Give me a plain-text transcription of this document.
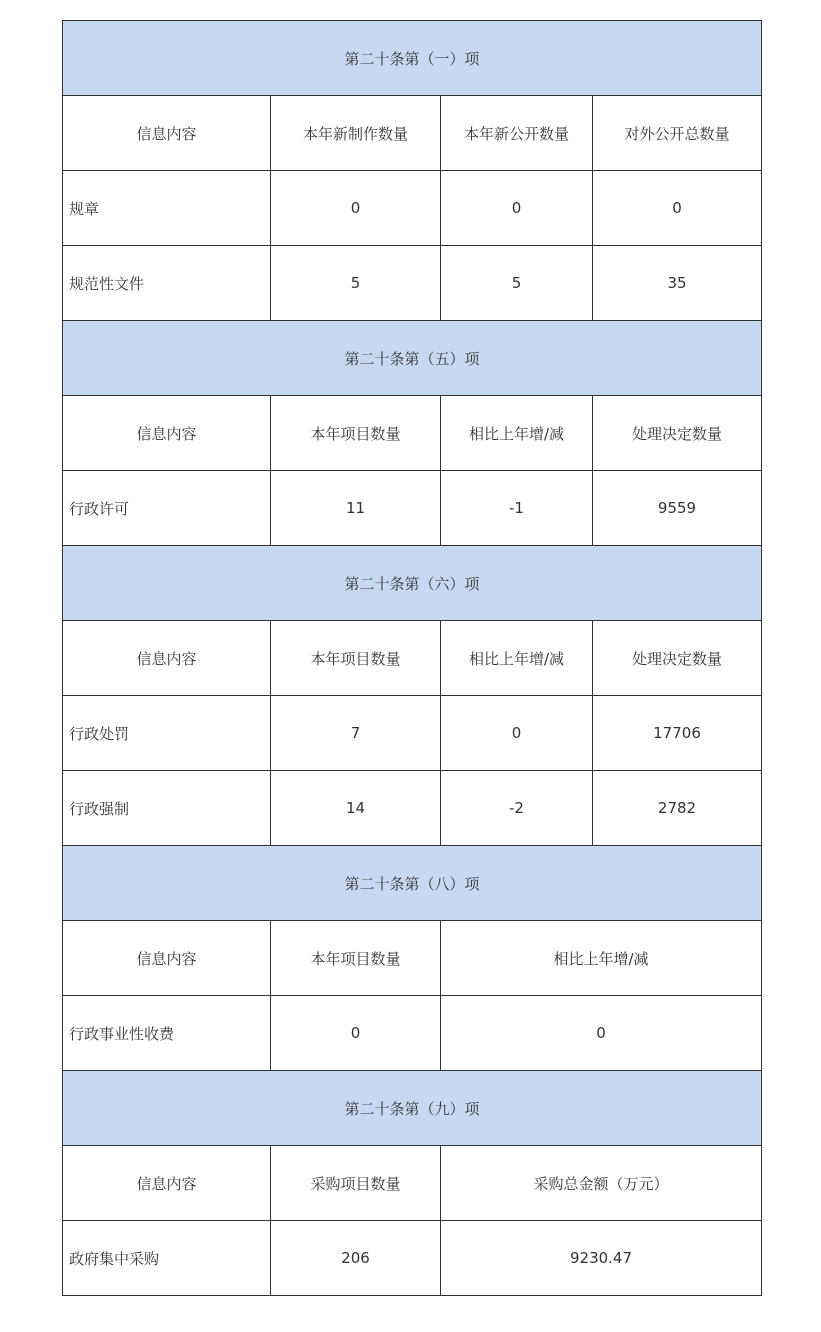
第二十条第（一）项			
信息内容	本年新制作数量	本年新公开数量	对外公开总数量
规章	0	0	0
规范性文件	5	5	35
第二十条第（五）项			
信息内容	本年项目数量	相比上年增/减	处理决定数量
行政许可	11	-1	9559
第二十条第（六）项			
信息内容	本年项目数量	相比上年增/减	处理决定数量
行政处罚	7	0	17706
行政强制	14	-2	2782
第二十条第（八）项			
信息内容	本年项目数量	相比上年增/减	
行政事业性收费	0	0	
第二十条第（九）项			
信息内容	采购项目数量	采购总金额（万元）	
政府集中采购	206	9230.47	
